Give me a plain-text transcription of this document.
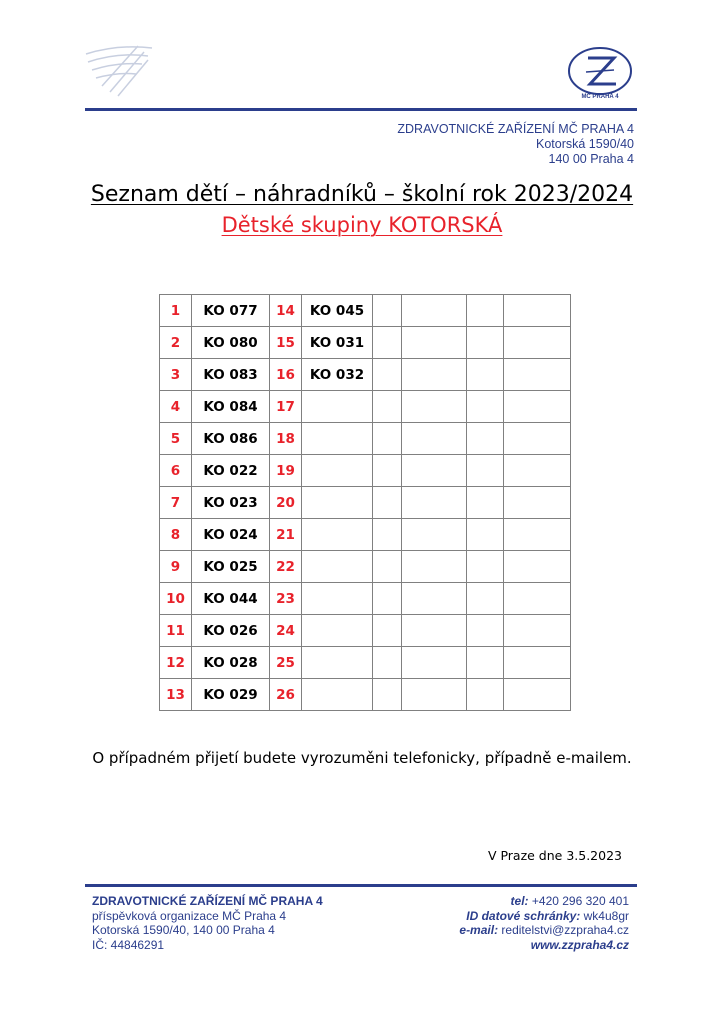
MČ PRAHA 4
ZDRAVOTNICKÉ ZAŘÍZENÍ MČ PRAHA 4
Kotorská 1590/40
140 00 Praha 4
Seznam dětí – náhradníků – školní rok 2023/2024
Dětské skupiny KOTORSKÁ
1	KO 077	14	KO 045				
2	KO 080	15	KO 031				
3	KO 083	16	KO 032				
4	KO 084	17					
5	KO 086	18					
6	KO 022	19					
7	KO 023	20					
8	KO 024	21					
9	KO 025	22					
10	KO 044	23					
11	KO 026	24					
12	KO 028	25					
13	KO 029	26					
O případném přijetí budete vyrozuměni telefonicky, případně e-mailem.
V Praze dne 3.5.2023
ZDRAVOTNICKÉ ZAŘÍZENÍ MČ PRAHA 4
příspěvková organizace MČ Praha 4
Kotorská 1590/40, 140 00 Praha 4
IČ: 44846291
tel: +420 296 320 401
ID datové schránky: wk4u8gr
e-mail: reditelstvi@zzpraha4.cz
www.zzpraha4.cz
